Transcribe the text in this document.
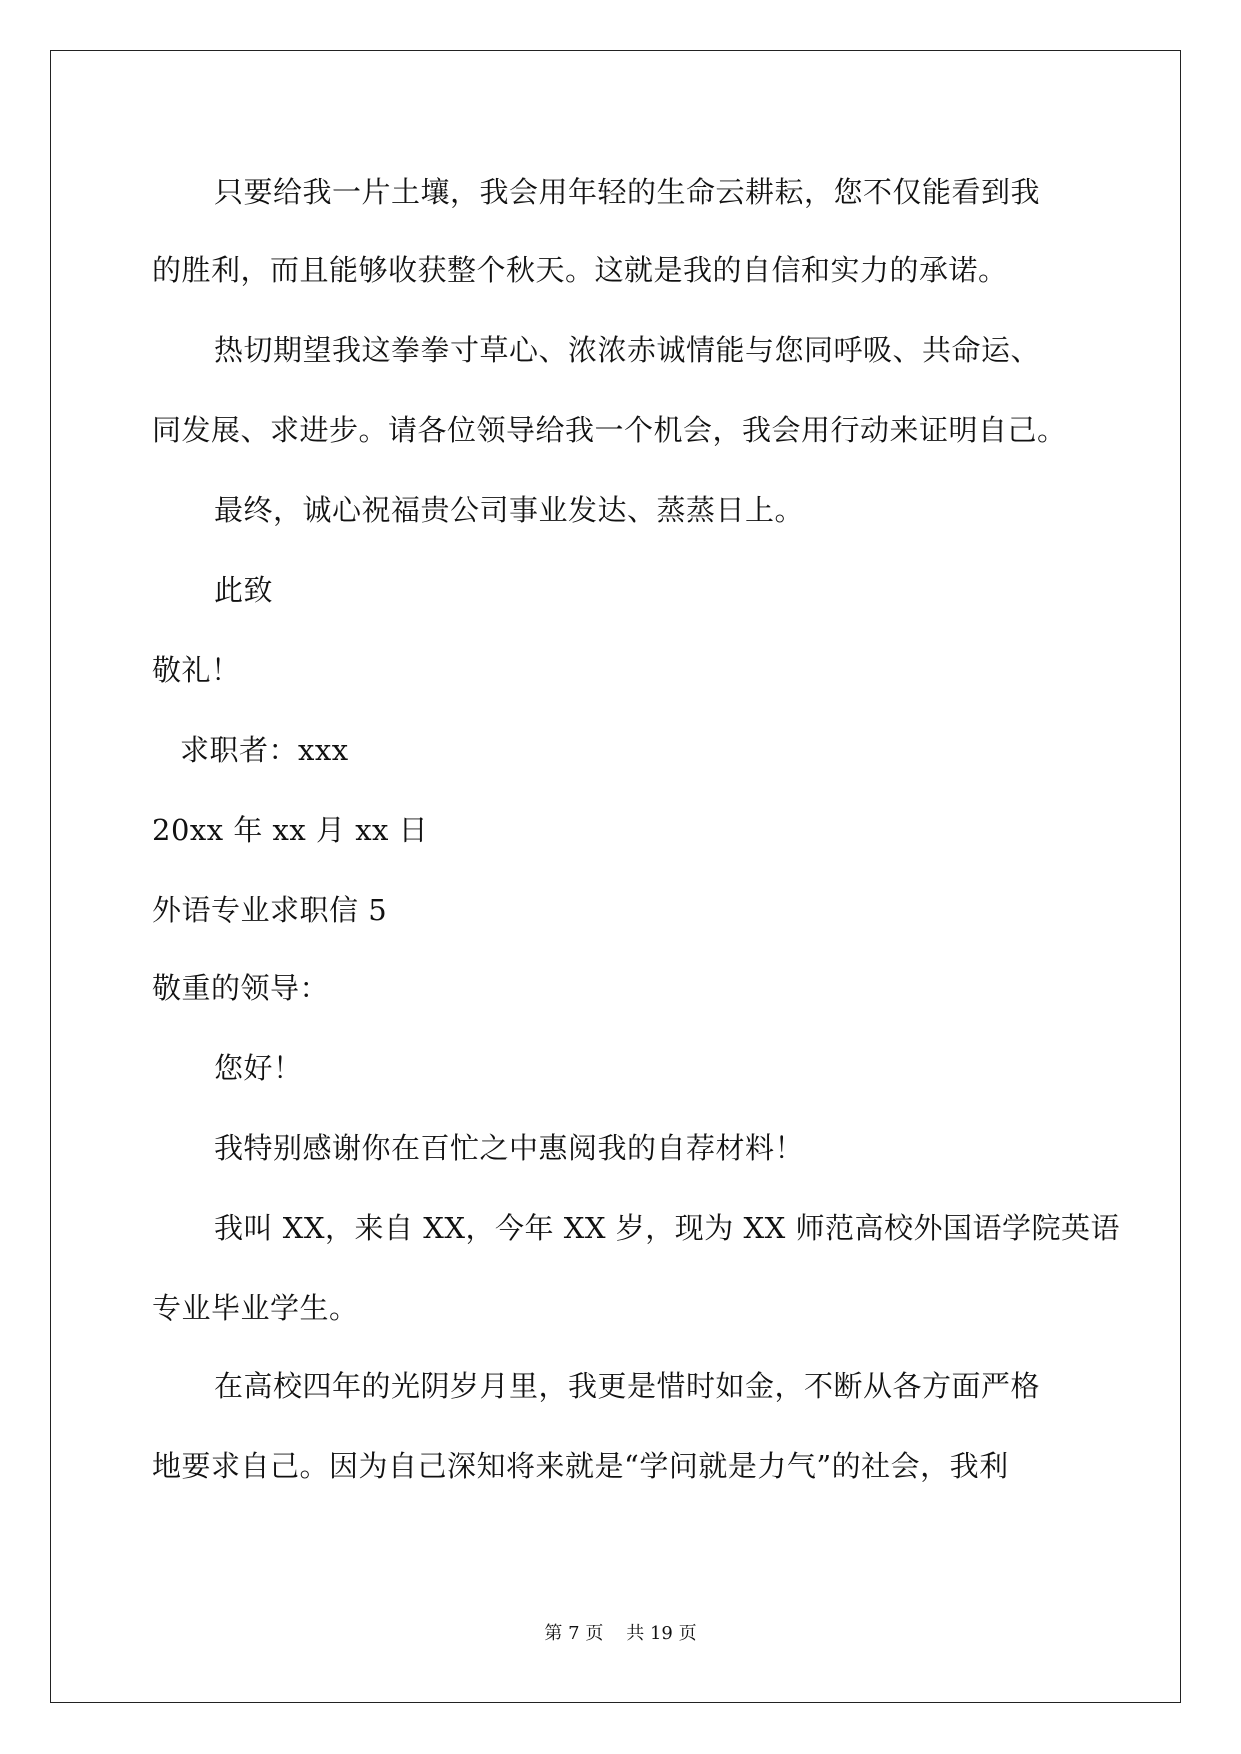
只要给我一片土壤，我会用年轻的生命云耕耘，您不仅能看到我
的胜利，而且能够收获整个秋天。这就是我的自信和实力的承诺。
热切期望我这拳拳寸草心、浓浓赤诚情能与您同呼吸、共命运、
同发展、求进步。请各位领导给我一个机会，我会用行动来证明自己。
最终，诚心祝福贵公司事业发达、蒸蒸日上。
此致
敬礼！
求职者：xxx
20xx 年 xx 月 xx 日
外语专业求职信 5
敬重的领导：
您好！
我特别感谢你在百忙之中惠阅我的自荐材料！
我叫 XX，来自 XX，今年 XX 岁，现为 XX 师范高校外国语学院英语
专业毕业学生。
在高校四年的光阴岁月里，我更是惜时如金，不断从各方面严格
地要求自己。因为自己深知将来就是“学问就是力气”的社会，我利
第 7 页 共 19 页
